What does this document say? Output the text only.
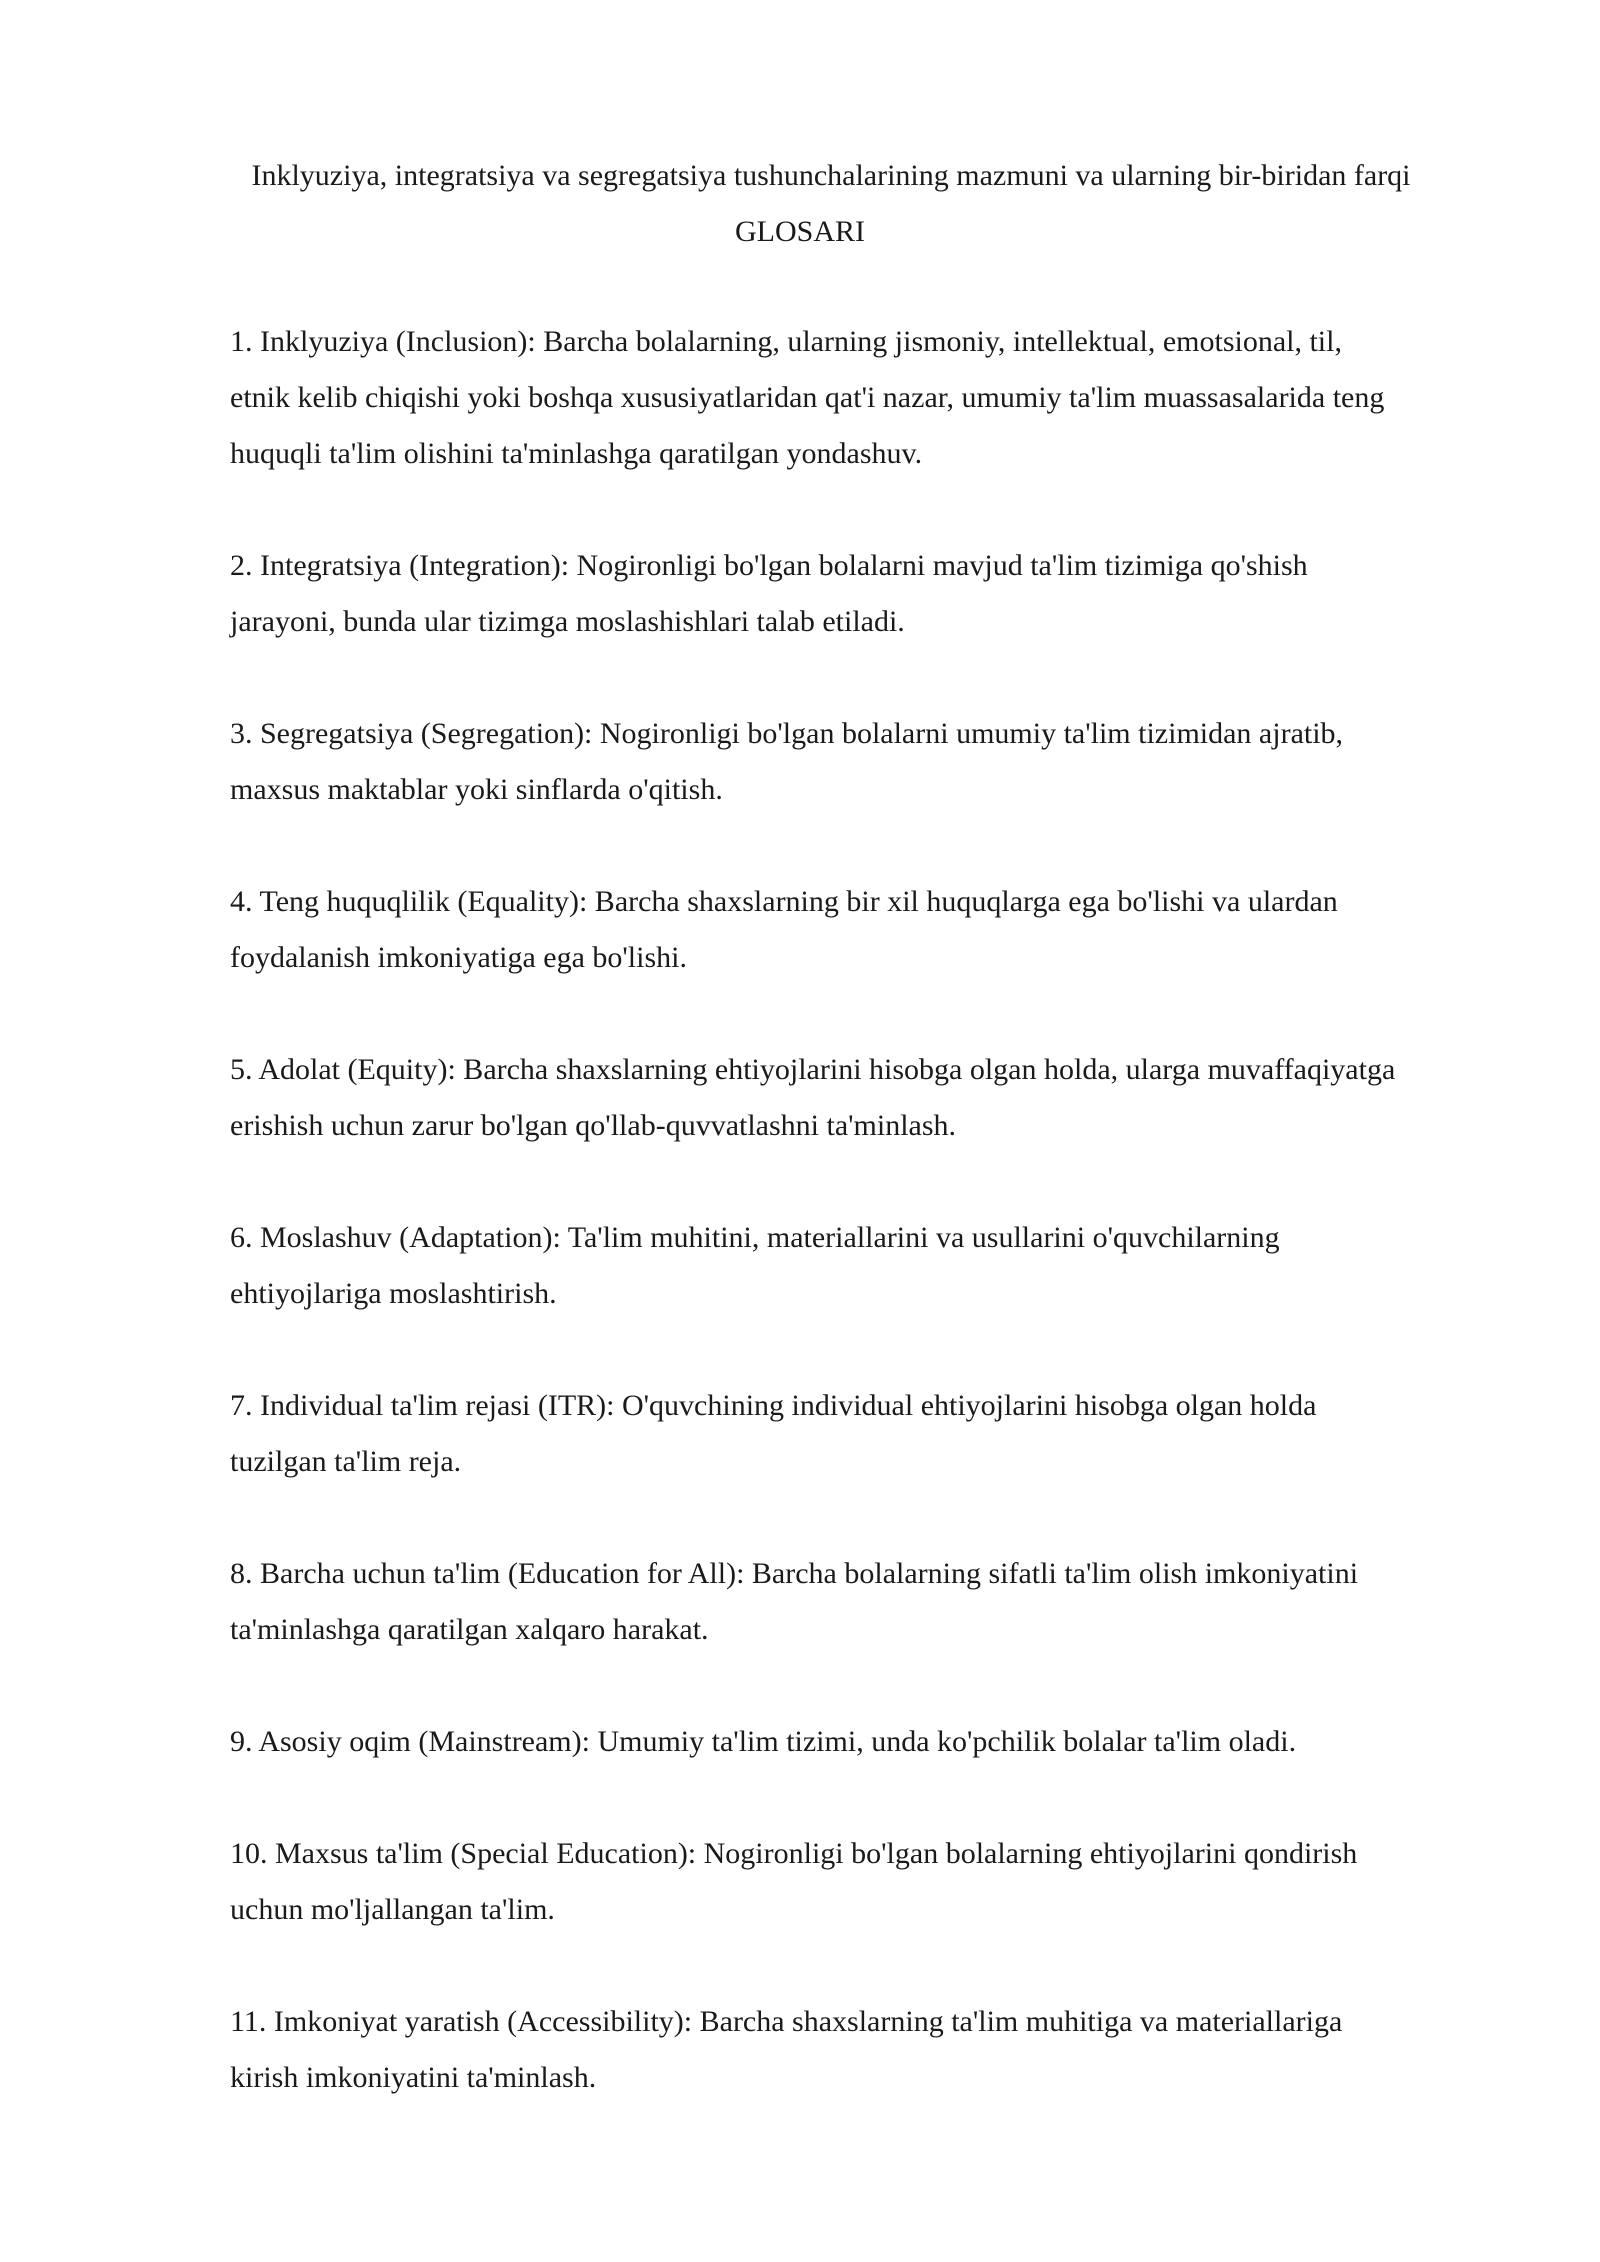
Inklyuziya, integratsiya va segregatsiya tushunchalarining mazmuni va ularning bir-biridan farqi
GLOSARI

1. Inklyuziya (Inclusion): Barcha bolalarning, ularning jismoniy, intellektual, emotsional, til,
etnik kelib chiqishi yoki boshqa xususiyatlaridan qat'i nazar, umumiy ta'lim muassasalarida teng
huquqli ta'lim olishini ta'minlashga qaratilgan yondashuv.

2. Integratsiya (Integration): Nogironligi bo'lgan bolalarni mavjud ta'lim tizimiga qo'shish
jarayoni, bunda ular tizimga moslashishlari talab etiladi.

3. Segregatsiya (Segregation): Nogironligi bo'lgan bolalarni umumiy ta'lim tizimidan ajratib,
maxsus maktablar yoki sinflarda o'qitish.

4. Teng huquqlilik (Equality): Barcha shaxslarning bir xil huquqlarga ega bo'lishi va ulardan
foydalanish imkoniyatiga ega bo'lishi.

5. Adolat (Equity): Barcha shaxslarning ehtiyojlarini hisobga olgan holda, ularga muvaffaqiyatga
erishish uchun zarur bo'lgan qo'llab-quvvatlashni ta'minlash.

6. Moslashuv (Adaptation): Ta'lim muhitini, materiallarini va usullarini o'quvchilarning
ehtiyojlariga moslashtirish.

7. Individual ta'lim rejasi (ITR): O'quvchining individual ehtiyojlarini hisobga olgan holda
tuzilgan ta'lim reja.

8. Barcha uchun ta'lim (Education for All): Barcha bolalarning sifatli ta'lim olish imkoniyatini
ta'minlashga qaratilgan xalqaro harakat.

9. Asosiy oqim (Mainstream): Umumiy ta'lim tizimi, unda ko'pchilik bolalar ta'lim oladi.

10. Maxsus ta'lim (Special Education): Nogironligi bo'lgan bolalarning ehtiyojlarini qondirish
uchun mo'ljallangan ta'lim.

11. Imkoniyat yaratish (Accessibility): Barcha shaxslarning ta'lim muhitiga va materiallariga
kirish imkoniyatini ta'minlash.
